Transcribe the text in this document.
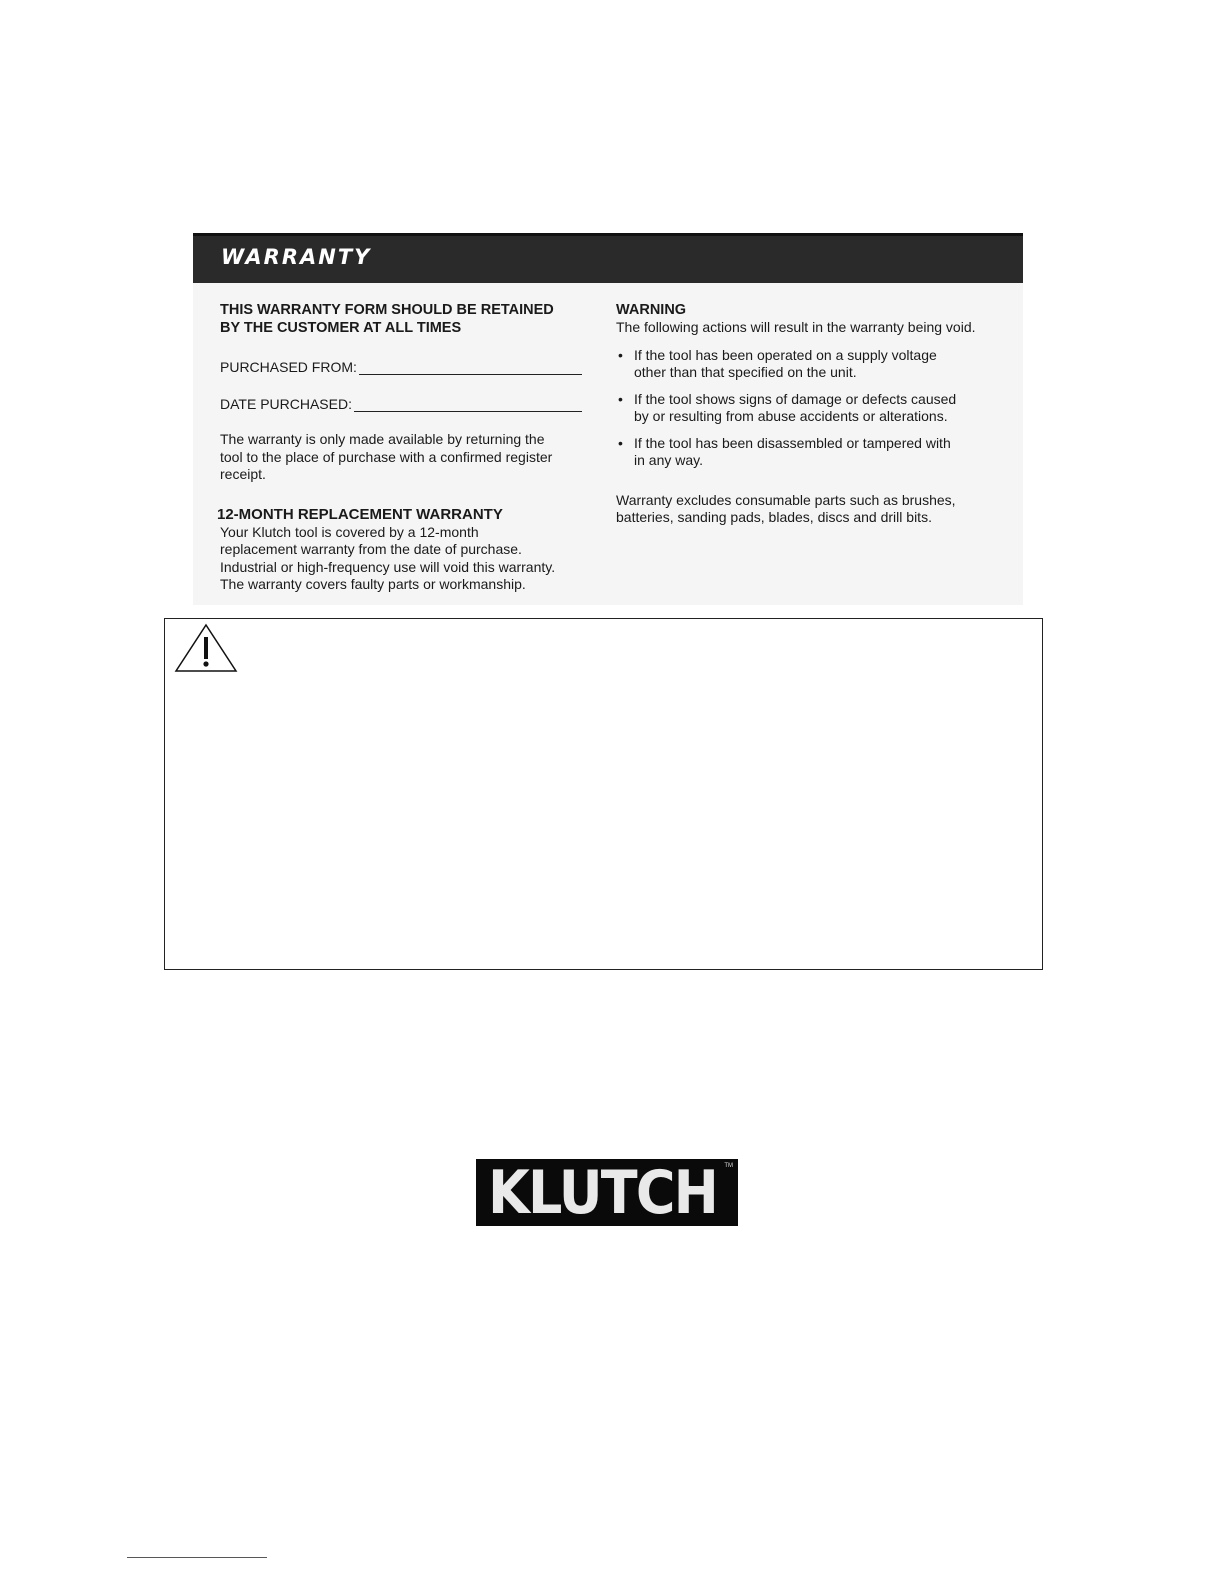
WARRANTY

THIS WARRANTY FORM SHOULD BE RETAINED
BY THE CUSTOMER AT ALL TIMES

PURCHASED FROM:
DATE PURCHASED:

The warranty is only made available by returning the
tool to the place of purchase with a confirmed register
receipt.

12-MONTH REPLACEMENT WARRANTY

Your Klutch tool is covered by a 12-month
replacement warranty from the date of purchase.
Industrial or high-frequency use will void this warranty.
The warranty covers faulty parts or workmanship.

WARNING

The following actions will result in the warranty being void.

• If the tool has been operated on a supply voltage
other than that specified on the unit.
• If the tool shows signs of damage or defects caused
by or resulting from abuse accidents or alterations.
• If the tool has been disassembled or tampered with
in any way.

Warranty excludes consumable parts such as brushes,
batteries, sanding pads, blades, discs and drill bits.

KLUTCH TM
